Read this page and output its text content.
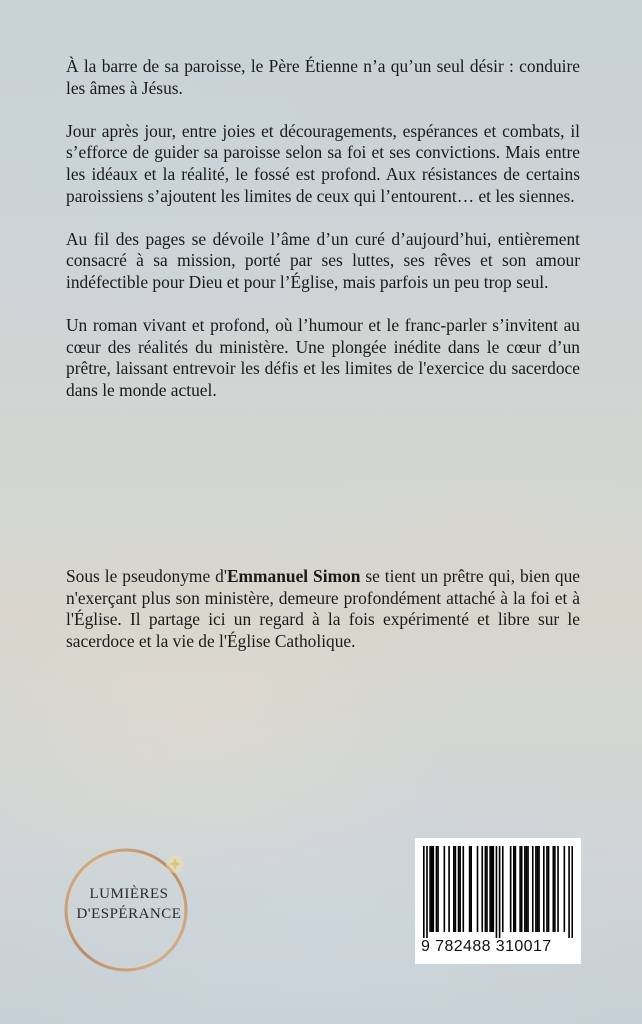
À la barre de sa paroisse, le Père Étienne n’a qu’un seul désir : conduire les âmes à Jésus.

Jour après jour, entre joies et découragements, espérances et combats, il s’efforce de guider sa paroisse selon sa foi et ses convictions. Mais entre les idéaux et la réalité, le fossé est profond. Aux résistances de certains paroissiens s’ajoutent les limites de ceux qui l’entourent… et les siennes.

Au fil des pages se dévoile l’âme d’un curé d’aujourd’hui, entièrement consacré à sa mission, porté par ses luttes, ses rêves et son amour indéfectible pour Dieu et pour l’Église, mais parfois un peu trop seul.

Un roman vivant et profond, où l’humour et le franc-parler s’invitent au cœur des réalités du ministère. Une plongée inédite dans le cœur d’un prêtre, laissant entrevoir les défis et les limites de l'exercice du sacerdoce dans le monde actuel.

Sous le pseudonyme d'Emmanuel Simon se tient un prêtre qui, bien que n'exerçant plus son ministère, demeure profondément attaché à la foi et à l'Église. Il partage ici un regard à la fois expérimenté et libre sur le sacerdoce et la vie de l'Église Catholique.

LUMIÈRES
D'ESPÉRANCE
9 782488 310017
